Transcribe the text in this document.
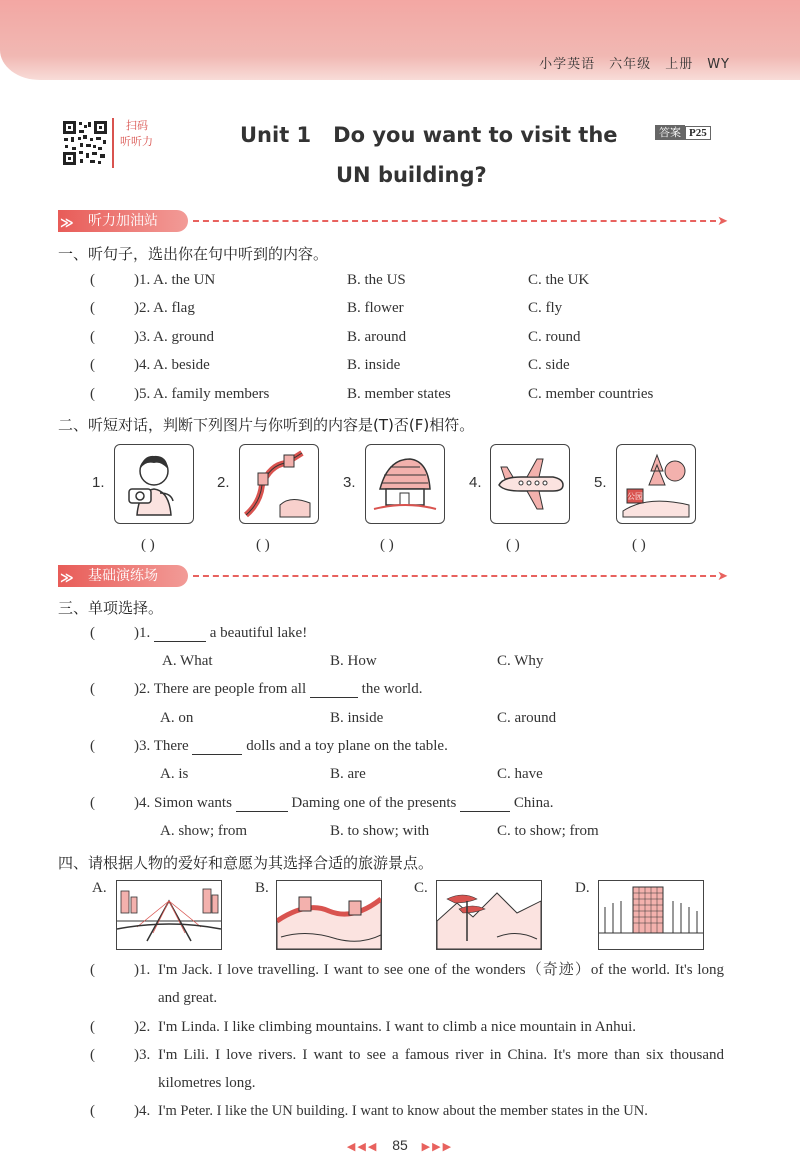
小学英语 六年级 上册 WY
扫码
听听力	Unit 1 Do you want to visit the
UN building?
答案 P25
≫ 听力加油站	➤
一、听句子，选出你在句中听到的内容。
(	)1. A. the UN	B. the US	C. the UK
(	)2. A. flag	B. flower	C. fly
(	)3. A. ground	B. around	C. round
(	)4. A. beside	B. inside	C. side
(	)5. A. family members	B. member states	C. member countries
二、听短对话，判断下列图片与你听到的内容是(T)否(F)相符。
1.	2.	3.	4.	5.
公园
( )	( )	( )	( )	( )
≫ 基础演练场	➤
三、单项选择。
(	)1.	a beautiful lake!
A. What	B. How	C. Why
(	)2. There are people from all	the world.
A. on	B. inside	C. around
(	)3. There	dolls and a toy plane on the table.
A. is	B. are	C. have
(	)4. Simon wants	Daming one of the presents	China.
A. show; from	B. to show; with	C. to show; from
四、请根据人物的爱好和意愿为其选择合适的旅游景点。
A.	B.	C.	D.
(	)1. I'm Jack. I love travelling. I want to see one of the wonders（奇迹）of the world. It's long and great.
(	)2. I'm Linda. I like climbing mountains. I want to climb a nice mountain in Anhui.
(	)3. I'm Lili. I love rivers. I want to see a famous river in China. It's more than six thousand kilometres long.
(	)4. I'm Peter. I like the UN building. I want to know about the member states in the UN.
◀◀◀ 85 ▶▶▶
